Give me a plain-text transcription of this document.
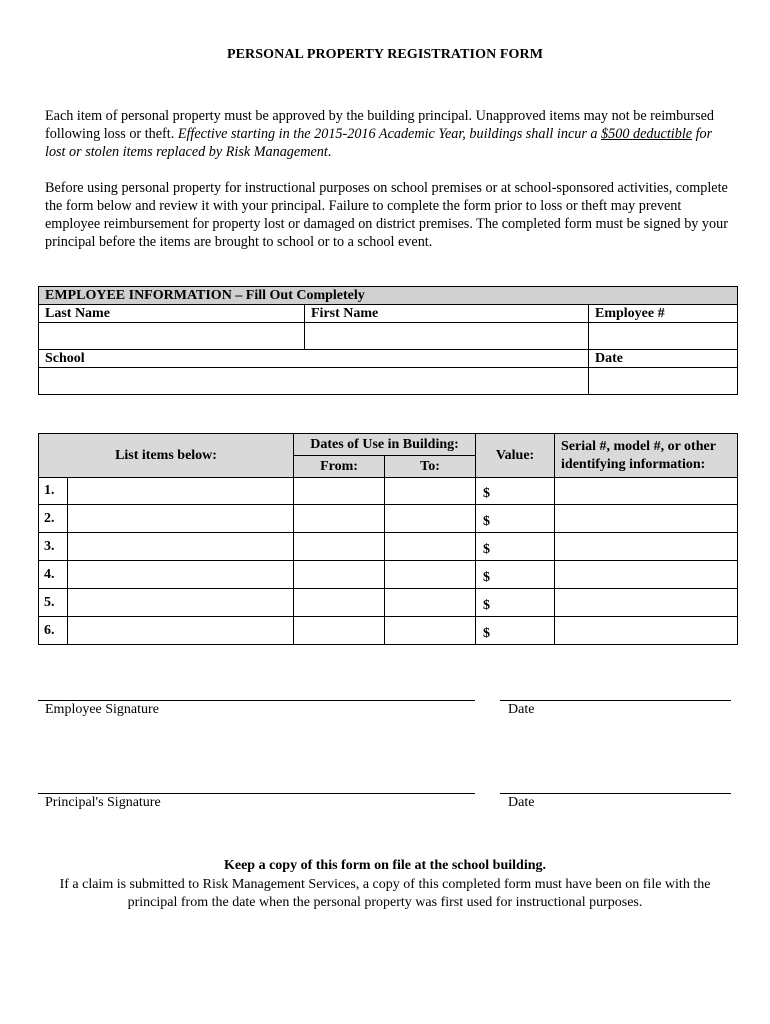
PERSONAL PROPERTY REGISTRATION FORM
Each item of personal property must be approved by the building principal. Unapproved items may not be reimbursed following loss or theft. Effective starting in the 2015-2016 Academic Year, buildings shall incur a $500 deductible for lost or stolen items replaced by Risk Management.
Before using personal property for instructional purposes on school premises or at school-sponsored activities, complete the form below and review it with your principal. Failure to complete the form prior to loss or theft may prevent employee reimbursement for property lost or damaged on district premises. The completed form must be signed by your principal before the items are brought to school or to a school event.
EMPLOYEE INFORMATION – Fill Out Completely		
Last Name	First Name	Employee #

School		Date

List items below:		Dates of Use in Building:		Value:	Serial #, model #, or other identifying information:
		From:	To:		
1.				$	
2.				$	
3.				$	
4.				$	
5.				$	
6.				$	
Employee Signature	Date
Principal's Signature	Date
Keep a copy of this form on file at the school building.
If a claim is submitted to Risk Management Services, a copy of this completed form must have been on file with the principal from the date when the personal property was first used for instructional purposes.
